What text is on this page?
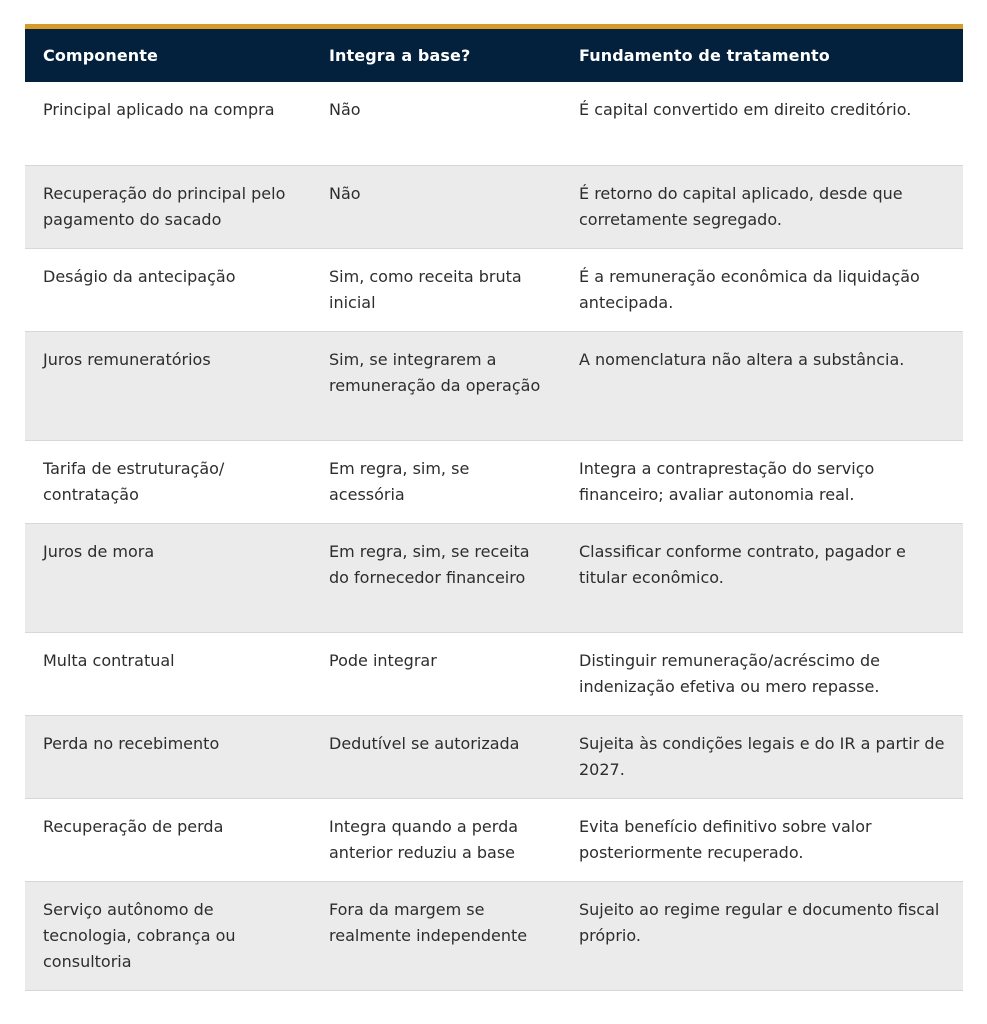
Componente	Integra a base?	Fundamento de tratamento
Principal aplicado na compra	Não	É capital convertido em direito creditório.
Recuperação do principal pelo pagamento do sacado	Não	É retorno do capital aplicado, desde que corretamente segregado.
Deságio da antecipação	Sim, como receita bruta inicial	É a remuneração econômica da liquidação antecipada.
Juros remuneratórios	Sim, se integrarem a remuneração da operação	A nomenclatura não altera a substância.
Tarifa de estruturação/ contratação	Em regra, sim, se acessória	Integra a contraprestação do serviço financeiro; avaliar autonomia real.
Juros de mora	Em regra, sim, se receita do fornecedor financeiro	Classificar conforme contrato, pagador e titular econômico.
Multa contratual	Pode integrar	Distinguir remuneração/acréscimo de indenização efetiva ou mero repasse.
Perda no recebimento	Dedutível se autorizada	Sujeita às condições legais e do IR a partir de 2027.
Recuperação de perda	Integra quando a perda anterior reduziu a base	Evita benefício definitivo sobre valor posteriormente recuperado.
Serviço autônomo de tecnologia, cobrança ou consultoria	Fora da margem se realmente independente	Sujeito ao regime regular e documento fiscal próprio.
